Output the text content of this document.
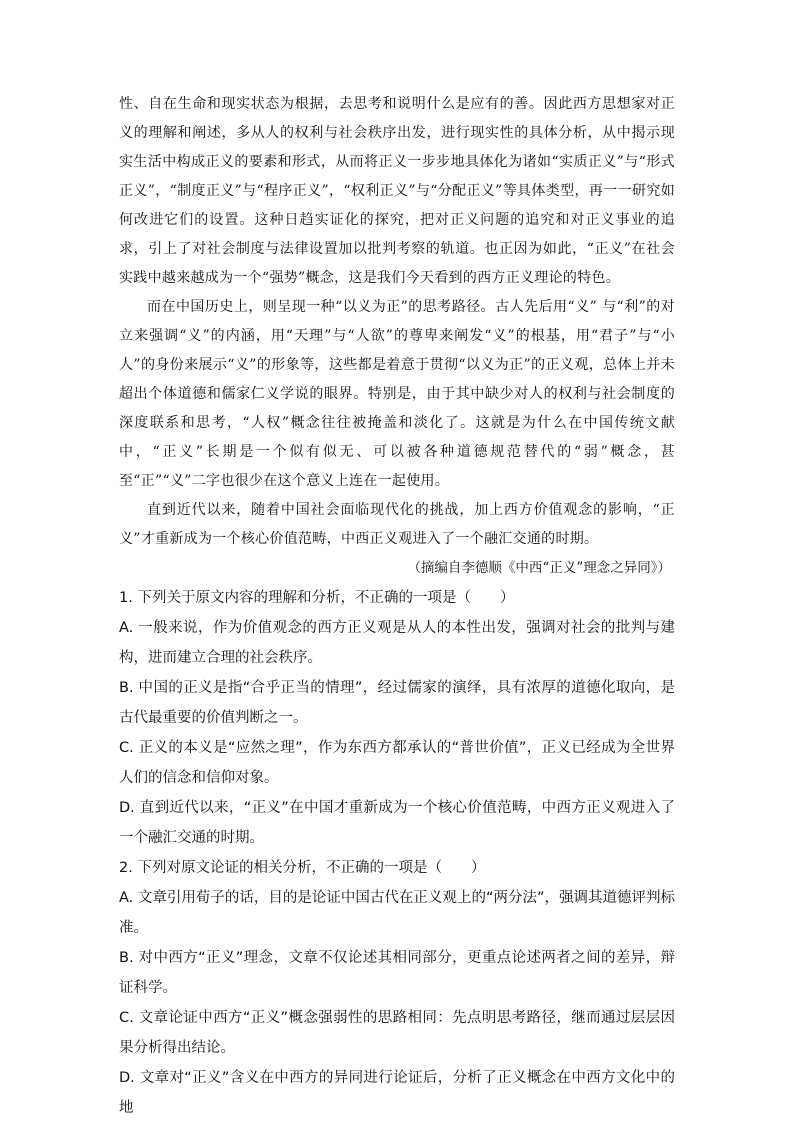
性、自在生命和现实状态为根据，去思考和说明什么是应有的善。因此西方思想家对正义的理解和阐述，多从人的权利与社会秩序出发，进行现实性的具体分析，从中揭示现实生活中构成正义的要素和形式，从而将正义一步步地具体化为诸如“实质正义”与“形式正义”，“制度正义”与“程序正义”，“权利正义”与“分配正义”等具体类型，再一一研究如何改进它们的设置。这种日趋实证化的探究，把对正义问题的追究和对正义事业的追求，引上了对社会制度与法律设置加以批判考察的轨道。也正因为如此，“正义”在社会实践中越来越成为一个“强势”概念，这是我们今天看到的西方正义理论的特色。

而在中国历史上，则呈现一种“以义为正”的思考路径。古人先后用“义” 与“利”的对立来强调“义”的内涵，用“天理”与“人欲”的尊卑来阐发“义”的根基，用“君子”与“小人”的身份来展示“义”的形象等，这些都是着意于贯彻“以义为正”的正义观，总体上并未超出个体道德和儒家仁义学说的眼界。特别是，由于其中缺少对人的权利与社会制度的深度联系和思考，“人权”概念往往被掩盖和淡化了。这就是为什么在中国传统文献中，“正义”长期是一个似有似无、可以被各种道德规范替代的“弱”概念，甚至“正”“义”二字也很少在这个意义上连在一起使用。

直到近代以来，随着中国社会面临现代化的挑战，加上西方价值观念的影响，“正义”才重新成为一个核心价值范畴，中西正义观进入了一个融汇交通的时期。

（摘编自李德顺《中西“正义”理念之异同》）

1. 下列关于原文内容的理解和分析，不正确的一项是（　　）

A. 一般来说，作为价值观念的西方正义观是从人的本性出发，强调对社会的批判与建构，进而建立合理的社会秩序。

B. 中国的正义是指“合乎正当的情理”，经过儒家的演绎，具有浓厚的道德化取向，是古代最重要的价值判断之一。

C. 正义的本义是“应然之理”，作为东西方都承认的“普世价值”，正义已经成为全世界人们的信念和信仰对象。

D. 直到近代以来，“正义”在中国才重新成为一个核心价值范畴，中西方正义观进入了一个融汇交通的时期。

2. 下列对原文论证的相关分析，不正确的一项是（　　）

A. 文章引用荀子的话，目的是论证中国古代在正义观上的“两分法”，强调其道德评判标准。

B. 对中西方“正义”理念，文章不仅论述其相同部分，更重点论述两者之间的差异，辩证科学。

C. 文章论证中西方“正义”概念强弱性的思路相同：先点明思考路径，继而通过层层因果分析得出结论。

D. 文章对“正义”含义在中西方的异同进行论证后，分析了正义概念在中西方文化中的地
